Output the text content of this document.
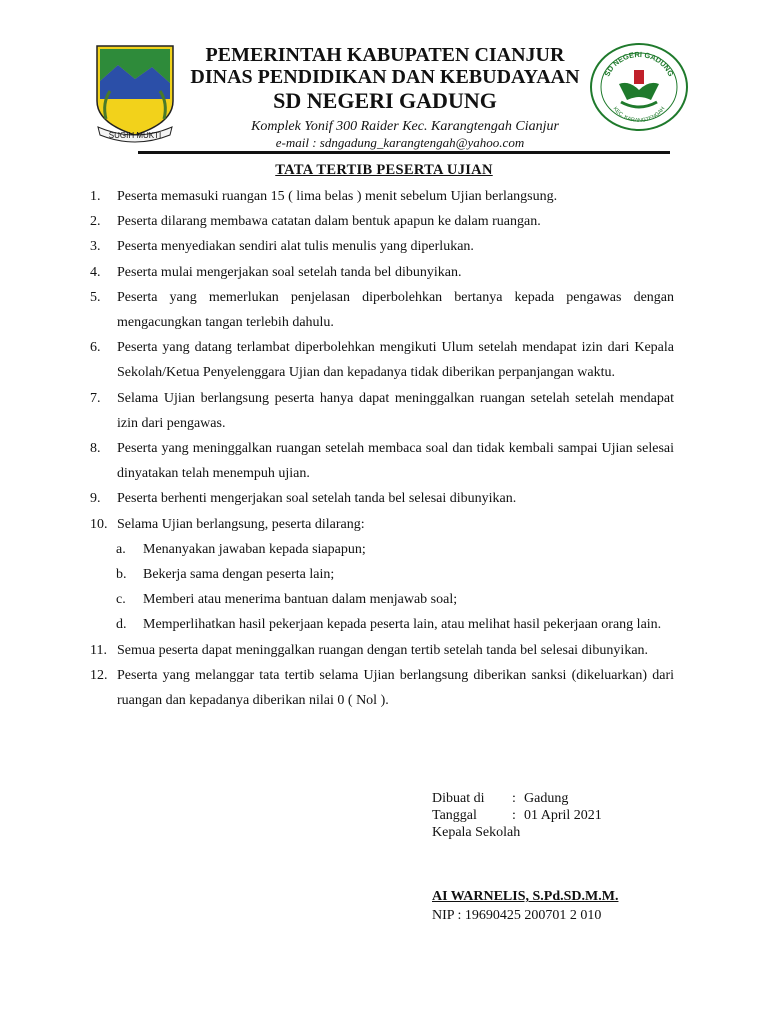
SUGIH MUKTI
PEMERINTAH KABUPATEN CIANJUR
DINAS PENDIDIKAN DAN KEBUDAYAAN
SD NEGERI GADUNG
Komplek Yonif 300 Raider Kec. Karangtengah Cianjur
e-mail : sdngadung_karangtengah@yahoo.com
SD NEGERI GADUNG
KEC. KARANGTENGAH
TATA TERTIB PESERTA UJIAN
1. Peserta memasuki ruangan 15 ( lima belas ) menit sebelum Ujian berlangsung.
2. Peserta dilarang membawa catatan dalam bentuk apapun ke dalam ruangan.
3. Peserta menyediakan sendiri alat tulis menulis yang diperlukan.
4. Peserta mulai mengerjakan soal setelah tanda bel dibunyikan.
5. Peserta yang memerlukan penjelasan diperbolehkan bertanya kepada pengawas dengan mengacungkan tangan terlebih dahulu.
6. Peserta yang datang terlambat diperbolehkan mengikuti Ulum setelah mendapat izin dari Kepala Sekolah/Ketua Penyelenggara Ujian dan kepadanya tidak diberikan perpanjangan waktu.
7. Selama Ujian berlangsung peserta hanya dapat meninggalkan ruangan setelah setelah mendapat izin dari pengawas.
8. Peserta yang meninggalkan ruangan setelah membaca soal dan tidak kembali sampai Ujian selesai dinyatakan telah menempuh ujian.
9. Peserta berhenti mengerjakan soal setelah tanda bel selesai dibunyikan.
10. Selama Ujian berlangsung, peserta dilarang:
a. Menanyakan jawaban kepada siapapun;
b. Bekerja sama dengan peserta lain;
c. Memberi atau menerima bantuan dalam menjawab soal;
d. Memperlihatkan hasil pekerjaan kepada peserta lain, atau melihat hasil pekerjaan orang lain.
11. Semua peserta dapat meninggalkan ruangan dengan tertib setelah tanda bel selesai dibunyikan.
12. Peserta yang melanggar tata tertib selama Ujian berlangsung diberikan sanksi (dikeluarkan) dari ruangan dan kepadanya diberikan nilai 0 ( Nol ).
Dibuat di	: Gadung
Tanggal	: 01 April 2021
Kepala Sekolah
AI WARNELIS, S.Pd.SD.M.M.
NIP : 19690425 200701 2 010
